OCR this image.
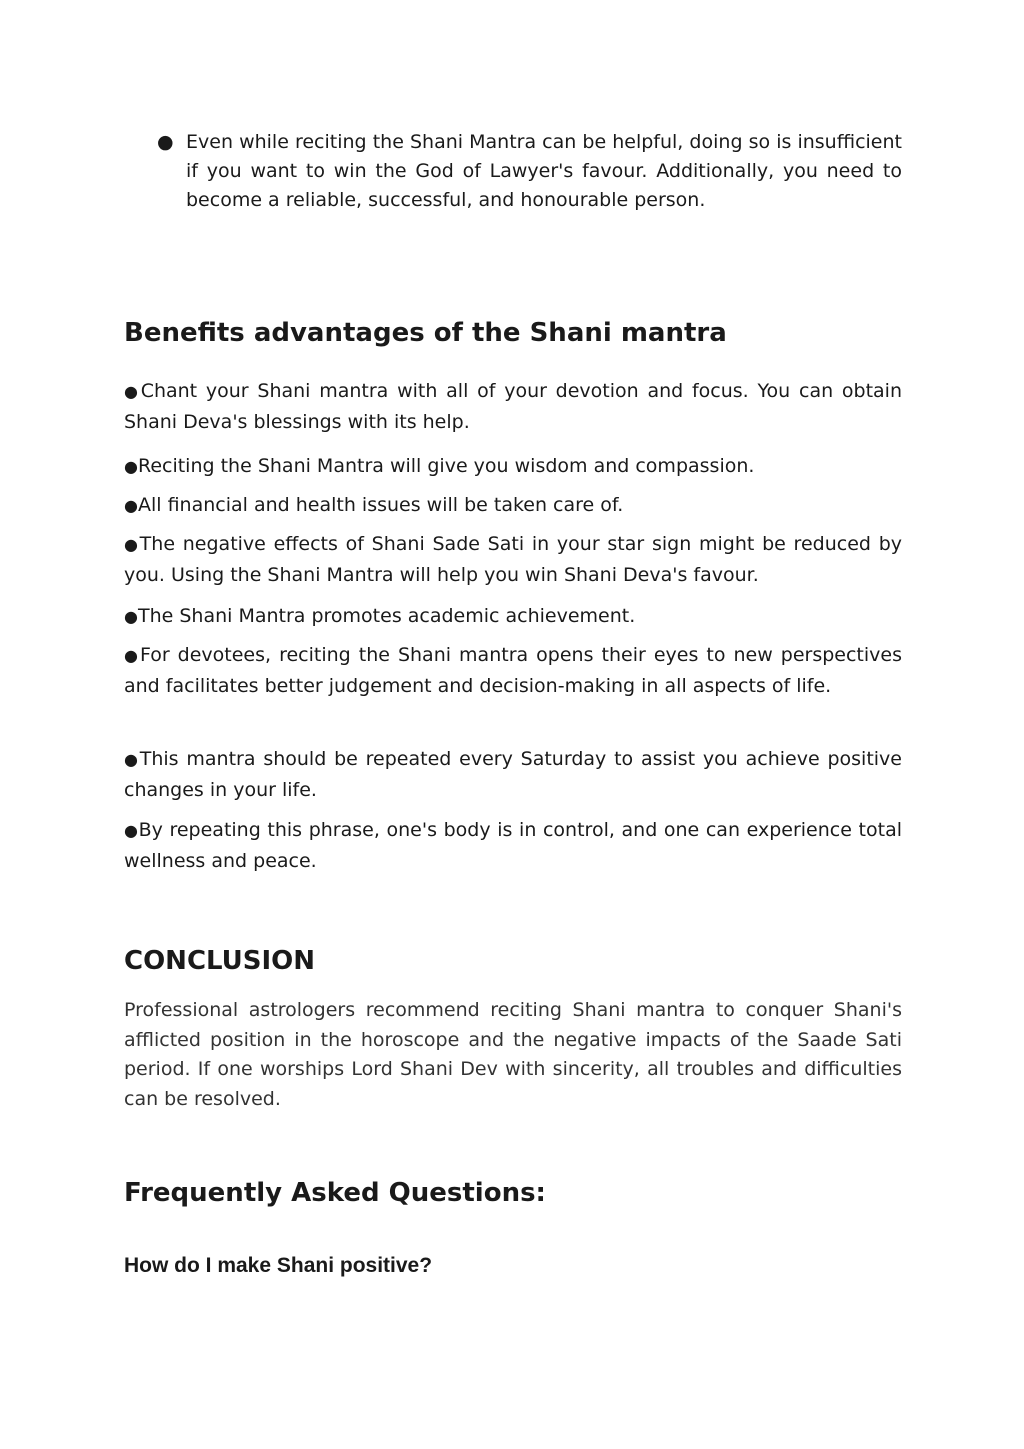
● Even while reciting the Shani Mantra can be helpful, doing so is insufficient if you want to win the God of Lawyer's favour. Additionally, you need to become a reliable, successful, and honourable person.

Benefits advantages of the Shani mantra

●Chant your Shani mantra with all of your devotion and focus. You can obtain Shani Deva's blessings with its help.

●Reciting the Shani Mantra will give you wisdom and compassion.

●All financial and health issues will be taken care of.

●The negative effects of Shani Sade Sati in your star sign might be reduced by you. Using the Shani Mantra will help you win Shani Deva's favour.

●The Shani Mantra promotes academic achievement.

●For devotees, reciting the Shani mantra opens their eyes to new perspectives and facilitates better judgement and decision-making in all aspects of life.

●This mantra should be repeated every Saturday to assist you achieve positive changes in your life.

●By repeating this phrase, one's body is in control, and one can experience total wellness and peace.

CONCLUSION

Professional astrologers recommend reciting Shani mantra to conquer Shani's afflicted position in the horoscope and the negative impacts of the Saade Sati period. If one worships Lord Shani Dev with sincerity, all troubles and difficulties can be resolved.

Frequently Asked Questions:
How do I make Shani positive?
